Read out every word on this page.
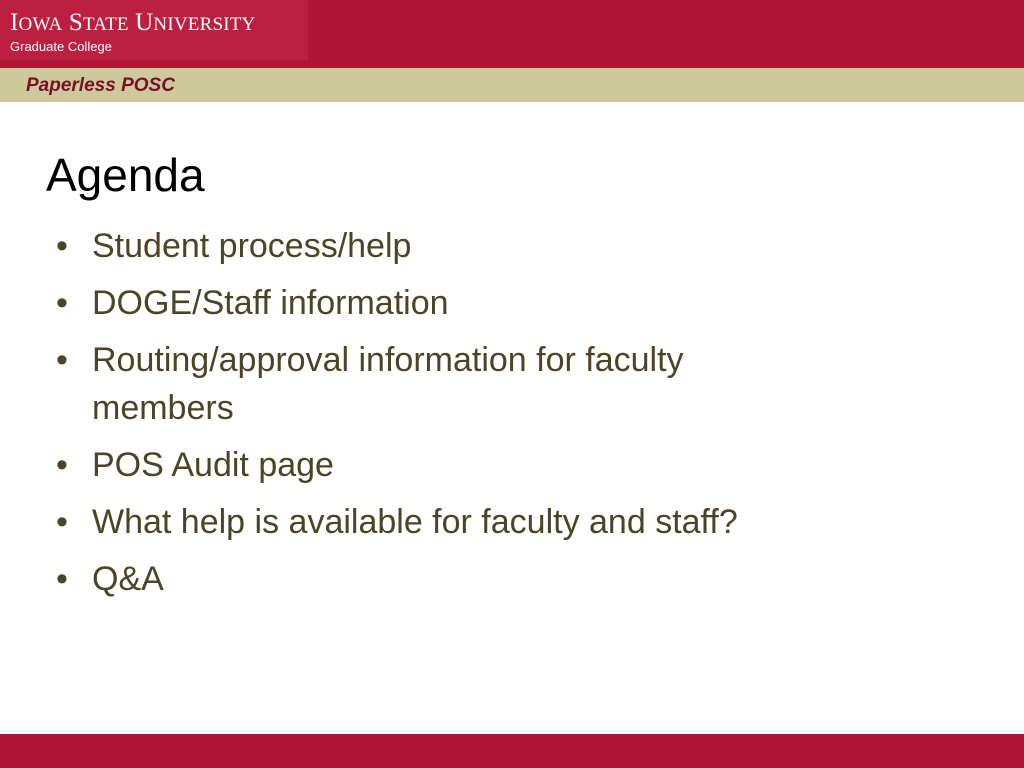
IOWA STATE UNIVERSITY
Graduate College
Paperless POSC
Agenda
• Student process/help
• DOGE/Staff information
• Routing/approval information for faculty members
• POS Audit page
• What help is available for faculty and staff?
• Q&A
